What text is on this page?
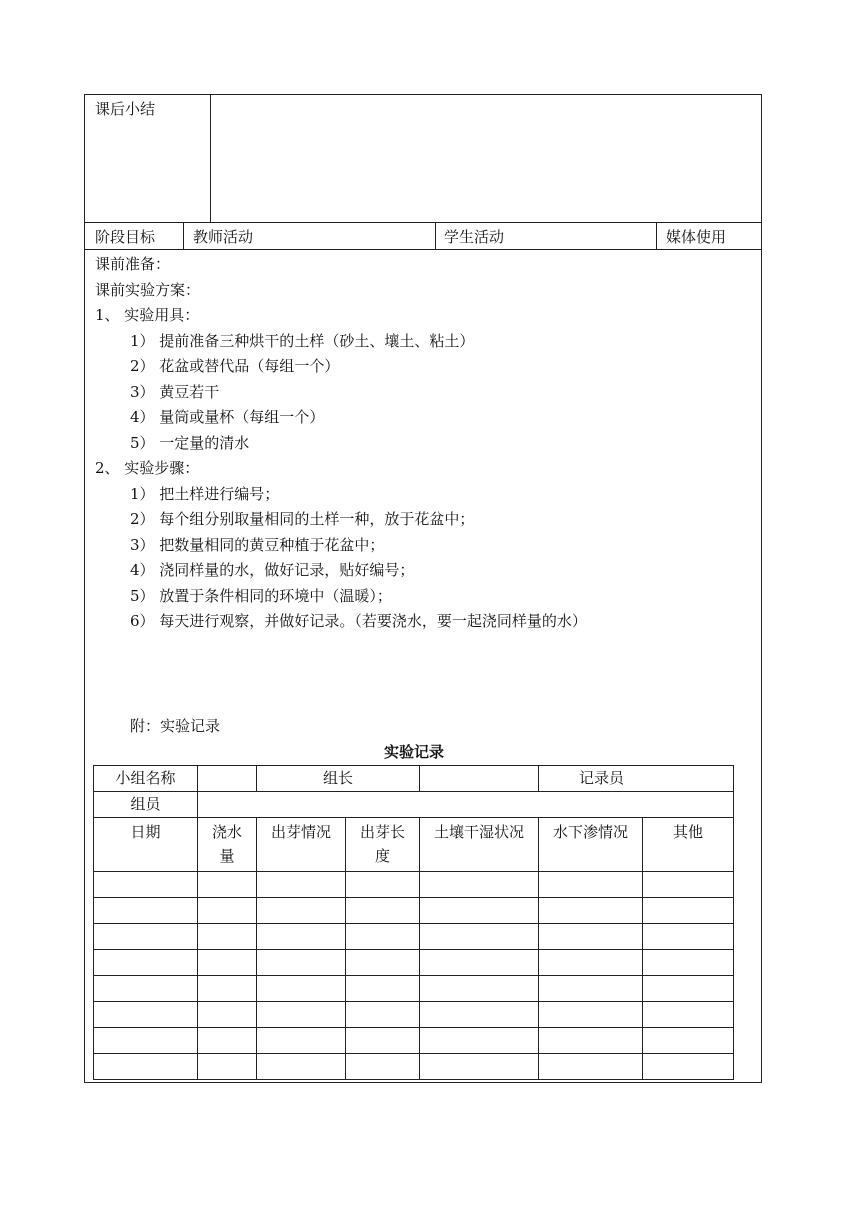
课后小结
阶段目标	教师活动	学生活动	媒体使用
课前准备：
课前实验方案：
1、 实验用具：
1） 提前准备三种烘干的土样（砂土、壤土、粘土）
2） 花盆或替代品（每组一个）
3） 黄豆若干
4） 量筒或量杯（每组一个）
5） 一定量的清水
2、 实验步骤：
1） 把土样进行编号；
2） 每个组分别取量相同的土样一种，放于花盆中；
3） 把数量相同的黄豆种植于花盆中；
4） 浇同样量的水，做好记录，贴好编号；
5） 放置于条件相同的环境中（温暖）；
6） 每天进行观察，并做好记录。（若要浇水，要一起浇同样量的水）
附：实验记录
实验记录
小组名称		组长			记录员	
组员						
日期	浇水量	出芽情况	出芽长度	土壤干湿状况	水下渗情况	其他
